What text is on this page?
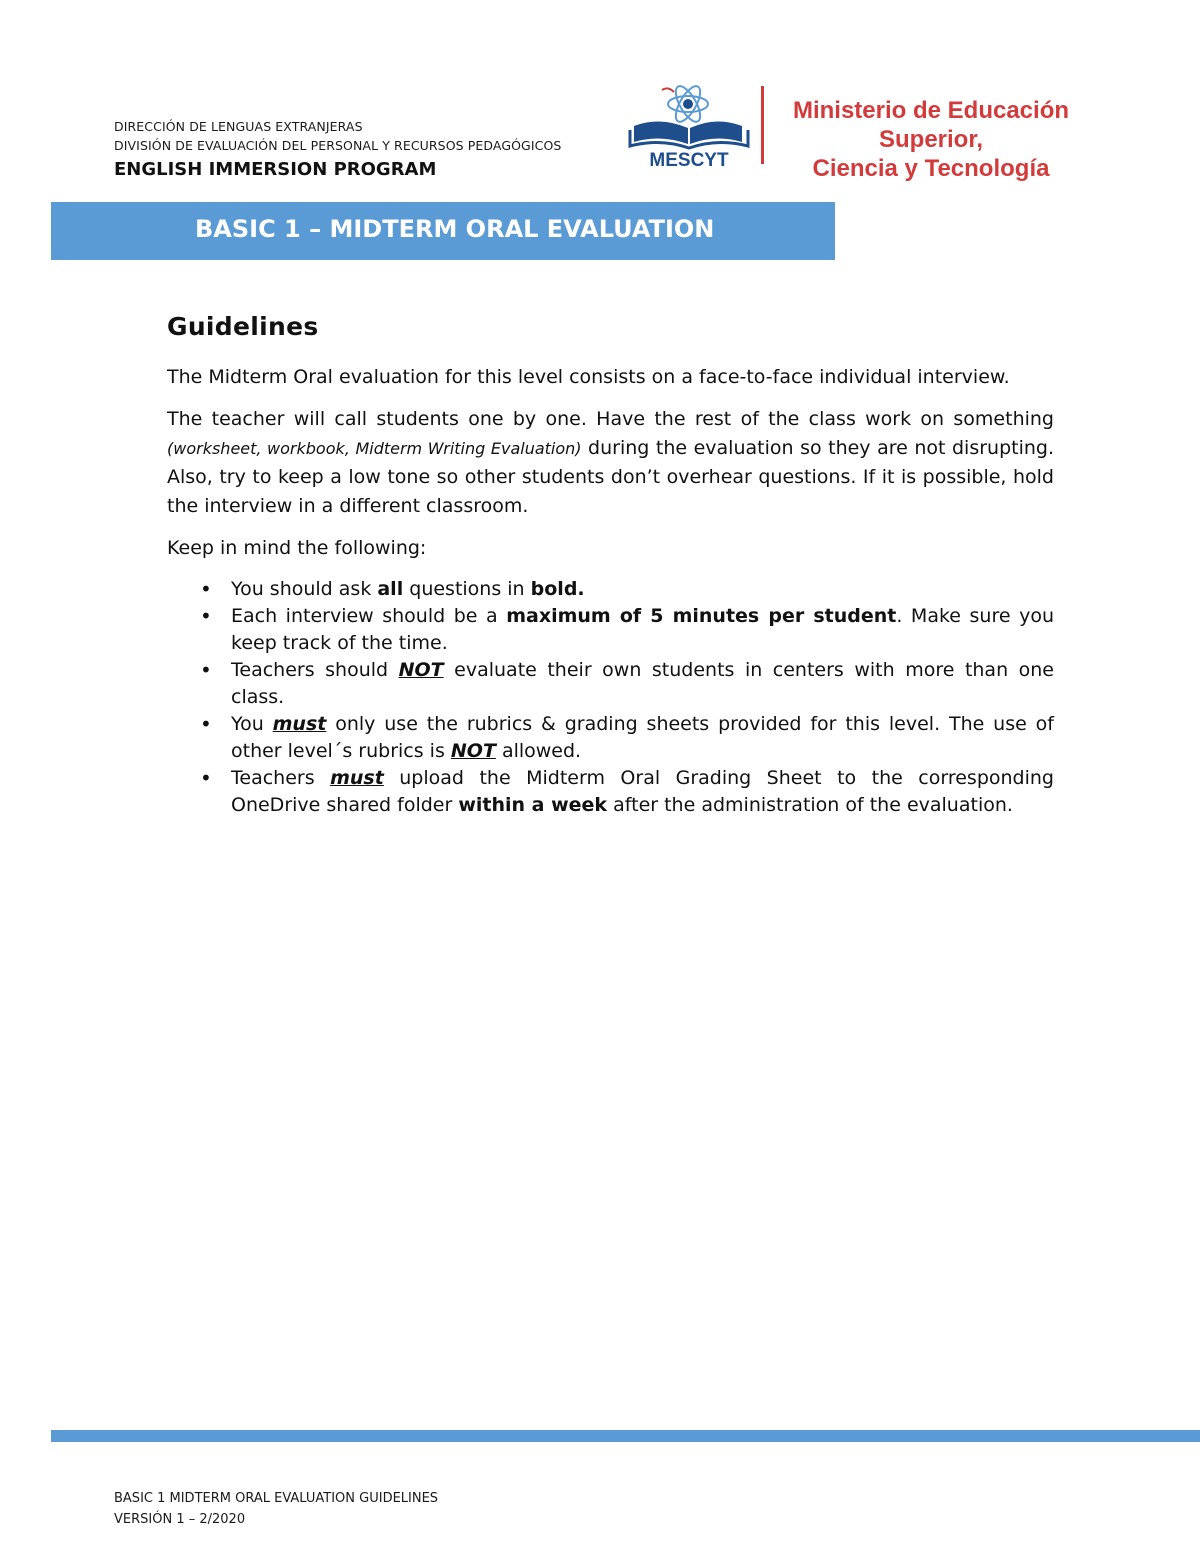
DIRECCIÓN DE LENGUAS EXTRANJERAS
DIVISIÓN DE EVALUACIÓN DEL PERSONAL Y RECURSOS PEDAGÓGICOS
ENGLISH IMMERSION PROGRAM	MESCYT
Ministerio de Educación Superior,
Ciencia y Tecnología
BASIC 1 – MIDTERM ORAL EVALUATION
Guidelines

The Midterm Oral evaluation for this level consists on a face-to-face individual interview.

The teacher will call students one by one. Have the rest of the class work on something (worksheet, workbook, Midterm Writing Evaluation) during the evaluation so they are not disrupting. Also, try to keep a low tone so other students don’t overhear questions. If it is possible, hold the interview in a different classroom.

Keep in mind the following:

• You should ask all questions in bold.
• Each interview should be a maximum of 5 minutes per student. Make sure you keep track of the time.
• Teachers should NOT evaluate their own students in centers with more than one class.
• You must only use the rubrics & grading sheets provided for this level. The use of other level´s rubrics is NOT allowed.
• Teachers must upload the Midterm Oral Grading Sheet to the corresponding OneDrive shared folder within a week after the administration of the evaluation.
BASIC 1 MIDTERM ORAL EVALUATION GUIDELINES
VERSIÓN 1 – 2/2020
